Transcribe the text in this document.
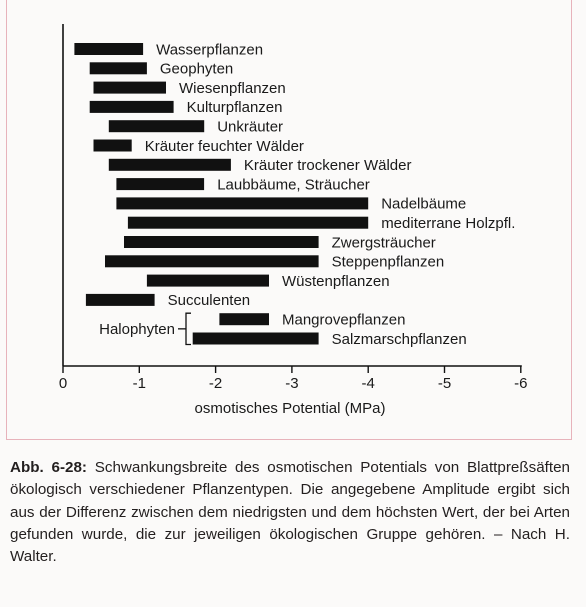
Wasserpflanzen
Geophyten
Wiesenpflanzen
Kulturpflanzen
Unkräuter
Kräuter feuchter Wälder
Kräuter trockener Wälder
Laubbäume, Sträucher
Nadelbäume
mediterrane Holzpfl.
Zwergsträucher
Steppenpflanzen
Wüstenpflanzen
Succulenten
Mangrovepflanzen
Salzmarschpflanzen
0	-1	-2	-3	-4	-5	-6
osmotisches Potential (MPa)
Halophyten
Abb. 6-28: Schwankungsbreite des osmotischen Potentials von Blattpreßsäften ökologisch verschiedener Pflanzentypen. Die angegebene Amplitude ergibt sich aus der Differenz zwischen dem niedrigsten und dem höchsten Wert, der bei Arten gefunden wurde, die zur jeweiligen ökologischen Gruppe gehören. – Nach H. Walter.
